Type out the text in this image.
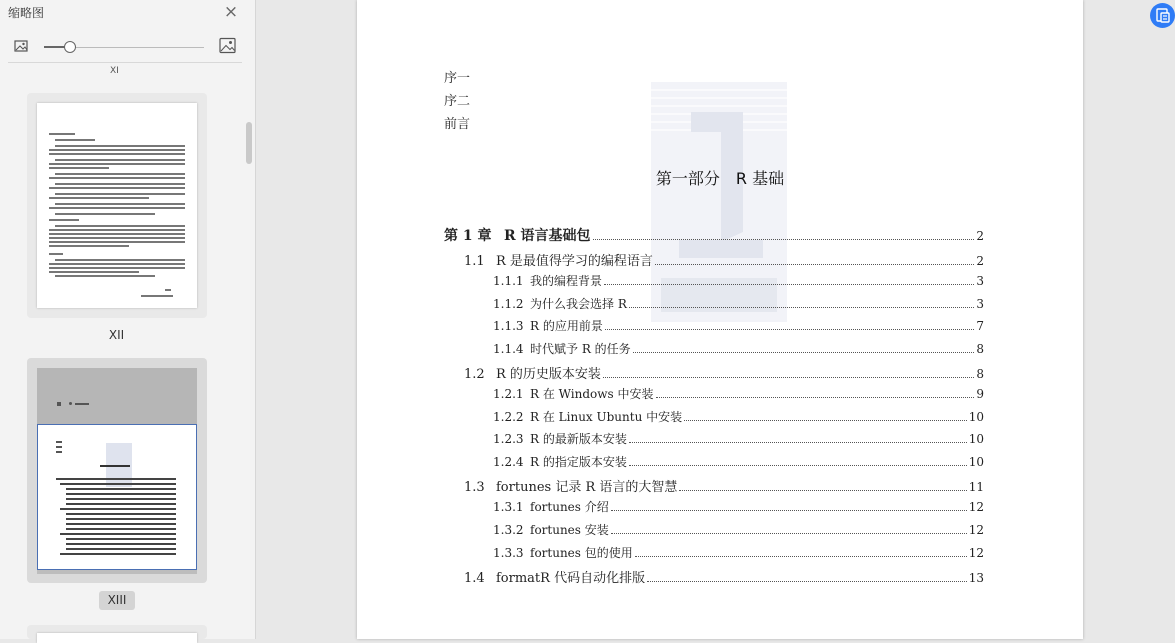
缩略图	×
XI
XII
XIII
序一
序二
前言
第一部分　R 基础
第 1 章 R 语言基础包	2
1.1 R 是最值得学习的编程语言	2
1.1.1 我的编程背景	3
1.1.2 为什么我会选择 R	3
1.1.3 R 的应用前景	7
1.1.4 时代赋予 R 的任务	8
1.2 R 的历史版本安装	8
1.2.1 R 在 Windows 中安装	9
1.2.2 R 在 Linux Ubuntu 中安装	10
1.2.3 R 的最新版本安装	10
1.2.4 R 的指定版本安装	10
1.3 fortunes 记录 R 语言的大智慧	11
1.3.1 fortunes 介绍	12
1.3.2 fortunes 安装	12
1.3.3 fortunes 包的使用	12
1.4 formatR 代码自动化排版	13
